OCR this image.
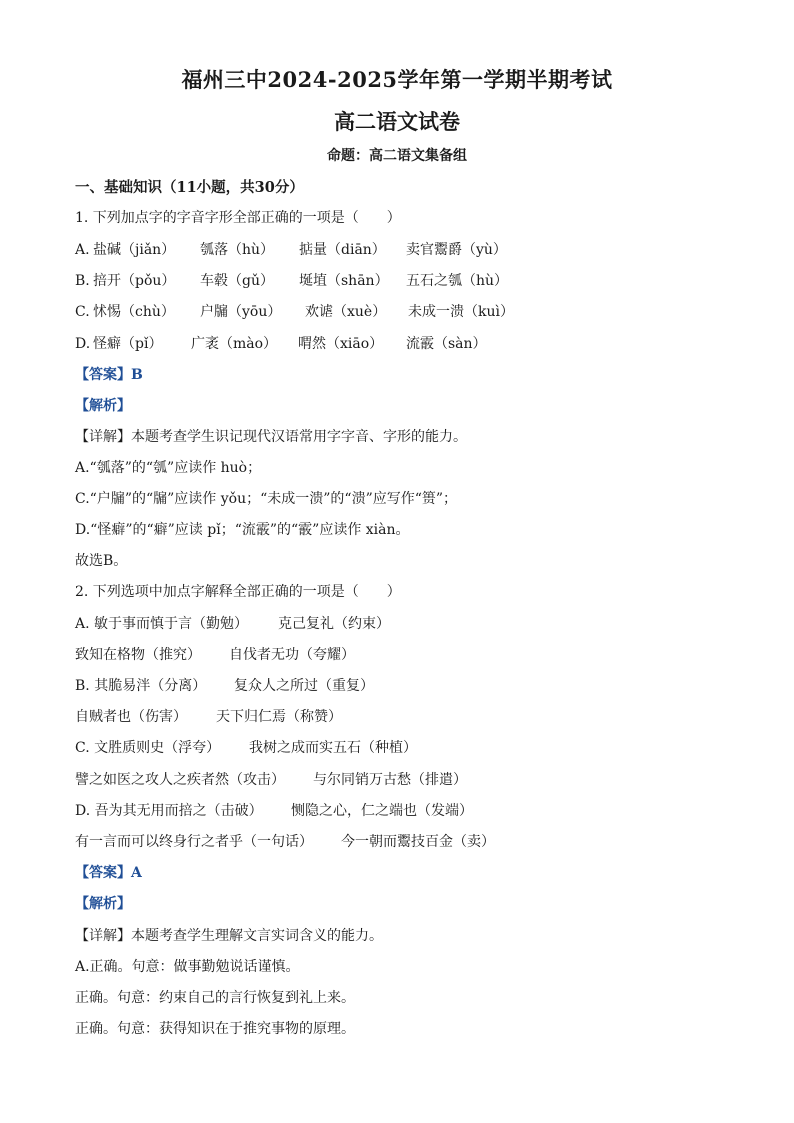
福州三中2024-2025学年第一学期半期考试
高二语文试卷
命题：高二语文集备组
一、基础知识（11小题，共30分）
1. 下列加点字的字音字形全部正确的一项是（　　）
A. 盐碱（jiǎn） 瓠落（hù） 掂量（diān） 卖官鬻爵（yù）
B. 掊开（pǒu） 车毂（gǔ） 埏埴（shān） 五石之瓠（hù）
C. 怵惕（chù） 户牖（yōu） 欢谑（xuè） 未成一溃（kuì）
D. 怪癖（pǐ） 广袤（mào） 喟然（xiāo） 流霰（sàn）
【答案】B
【解析】
【详解】本题考查学生识记现代汉语常用字字音、字形的能力。
A.“瓠落”的“瓠”应读作 huò；
C.“户牖”的“牖”应读作 yǒu；“未成一溃”的“溃”应写作“篑”；
D.“怪癖”的“癖”应读 pǐ；“流霰”的“霰”应读作 xiàn。
故选B。
2. 下列选项中加点字解释全部正确的一项是（　　）
A. 敏于事而慎于言（勤勉） 克己复礼（约束）
致知在格物（推究） 自伐者无功（夸耀）
B. 其脆易泮（分离） 复众人之所过（重复）
自贼者也（伤害） 天下归仁焉（称赞）
C. 文胜质则史（浮夸） 我树之成而实五石（种植）
譬之如医之攻人之疾者然（攻击） 与尔同销万古愁（排遣）
D. 吾为其无用而掊之（击破） 恻隐之心，仁之端也（发端）
有一言而可以终身行之者乎（一句话） 今一朝而鬻技百金（卖）
【答案】A
【解析】
【详解】本题考查学生理解文言实词含义的能力。
A.正确。句意：做事勤勉说话谨慎。
正确。句意：约束自己的言行恢复到礼上来。
正确。句意：获得知识在于推究事物的原理。
